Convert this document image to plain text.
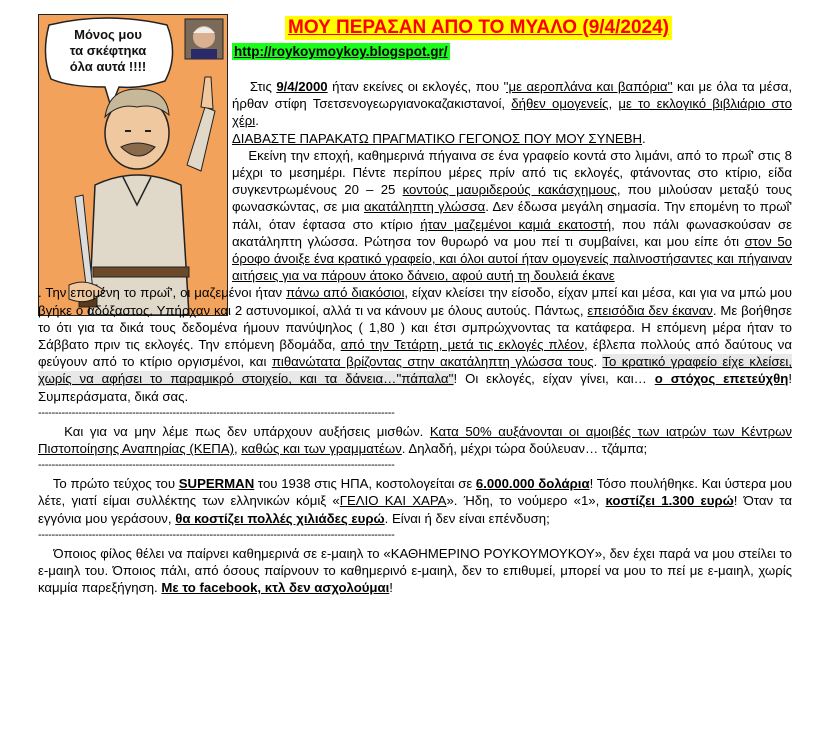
Μόνος μου
τα σκέφτηκα
όλα αυτά !!!!
ΜΟΥ ΠΕΡΑΣΑΝ ΑΠΟ ΤΟ ΜΥΑΛΟ (9/4/2024)
http://roykoymoykoy.blogspot.gr/

Στις 9/4/2000 ήταν εκείνες οι εκλογές, που ''με αεροπλάνα και βαπόρια'' και με όλα τα μέσα, ήρθαν στίφη Τσετσενογεωργιανοκαζακιστανοί, δήθεν ομογενείς, με το εκλογικό βιβλιάριο στο χέρι.
ΔΙΑΒΑΣΤΕ ΠΑΡΑΚΑΤΩ ΠΡΑΓΜΑΤΙΚΟ ΓΕΓΟΝΟΣ ΠΟΥ ΜΟΥ ΣΥΝΕΒΗ.
Εκείνη την εποχή, καθημερινά πήγαινα σε ένα γραφείο κοντά στο λιμάνι, από το πρωΐ' στις 8 μέχρι το μεσημέρι. Πέντε περίπου μέρες πρίν από τις εκλογές, φτάνοντας στο κτίριο, είδα συγκεντρωμένους 20 – 25 κοντούς μαυριδερούς κακάσχημους, που μιλούσαν μεταξύ τους φωνασκώντας, σε μια ακατάληπτη γλώσσα. Δεν έδωσα μεγάλη σημασία. Την επομένη το πρωΐ' πάλι, όταν έφτασα στο κτίριο ήταν μαζεμένοι καμιά εκατοστή, που πάλι φωνασκούσαν σε ακατάληπτη γλώσσα. Ρώτησα τον θυρωρό να μου πεί τι συμβαίνει, και μου είπε ότι στον 5ο όροφο άνοιξε ένα κρατικό γραφείο, και όλοι αυτοί ήταν ομογενείς παλινοστήσαντες και πήγαιναν αιτήσεις για να πάρουν άτοκο δάνειο, αφού αυτή τη δουλειά έκανε

. Την επομένη το πρωΐ', οι μαζεμένοι ήταν πάνω από διακόσιοι, είχαν κλείσει την είσοδο, είχαν μπεί και μέσα, και για να μπώ μου βγήκε ο αδόξαστος. Υπήρχαν και 2 αστυνομικοί, αλλά τι να κάνουν με όλους αυτούς. Πάντως, επεισόδια δεν έκαναν. Με βοήθησε το ότι για τα δικά τους δεδομένα ήμουν πανύψηλος ( 1,80 ) και έτσι σμπρώχνοντας τα κατάφερα. Η επόμενη μέρα ήταν το Σάββατο πριν τις εκλογές. Την επόμενη βδομάδα, από την Τετάρτη, μετά τις εκλογές πλέον, έβλεπα πολλούς από δαύτους να φεύγουν από το κτίριο οργισμένοι, και πιθανώτατα βρίζοντας στην ακατάληπτη γλώσσα τους. Το κρατικό γραφείο είχε κλείσει, χωρίς να αφήσει το παραμικρό στοιχείο, και τα δάνεια…''πάπαλα''! Οι εκλογές, είχαν γίνει, και… ο στόχος επετεύχθη! Συμπεράσματα, δικά σας.

----------------------------------------------------------------------------------------------------------

Και για να μην λέμε πως δεν υπάρχουν αυξήσεις μισθών. Κατα 50% αυξάνονται οι αμοιβές των ιατρών των Κέντρων Πιστοποίησης Αναπηρίας (ΚΕΠΑ), καθώς και των γραμματέων. Δηλαδή, μέχρι τώρα δούλευαν… τζάμπα;

----------------------------------------------------------------------------------------------------------

Το πρώτο τεύχος του SUPERMAN του 1938 στις ΗΠΑ, κοστολογείται σε 6.000.000 δολάρια! Τόσο πουλήθηκε. Και ύστερα μου λέτε, γιατί είμαι συλλέκτης των ελληνικών κόμιξ «ΓΕΛΙΟ ΚΑΙ ΧΑΡΑ». Ήδη, το νούμερο «1», κοστίζει 1.300 ευρώ! Όταν τα εγγόνια μου γεράσουν, θα κοστίζει πολλές χιλιάδες ευρώ. Είναι ή δεν είναι επένδυση;

----------------------------------------------------------------------------------------------------------

Όποιος φίλος θέλει να παίρνει καθημερινά σε ε-μαιηλ το «ΚΑΘΗΜΕΡΙΝΟ ΡΟΥΚΟΥΜΟΥΚΟΥ», δεν έχει παρά να μου στείλει το ε-μαιηλ του. Όποιος πάλι, από όσους παίρνουν το καθημερινό ε-μαιηλ, δεν το επιθυμεί, μπορεί να μου το πεί με ε-μαιηλ, χωρίς καμμία παρεξήγηση. Με το facebook, κτλ δεν ασχολούμαι!
